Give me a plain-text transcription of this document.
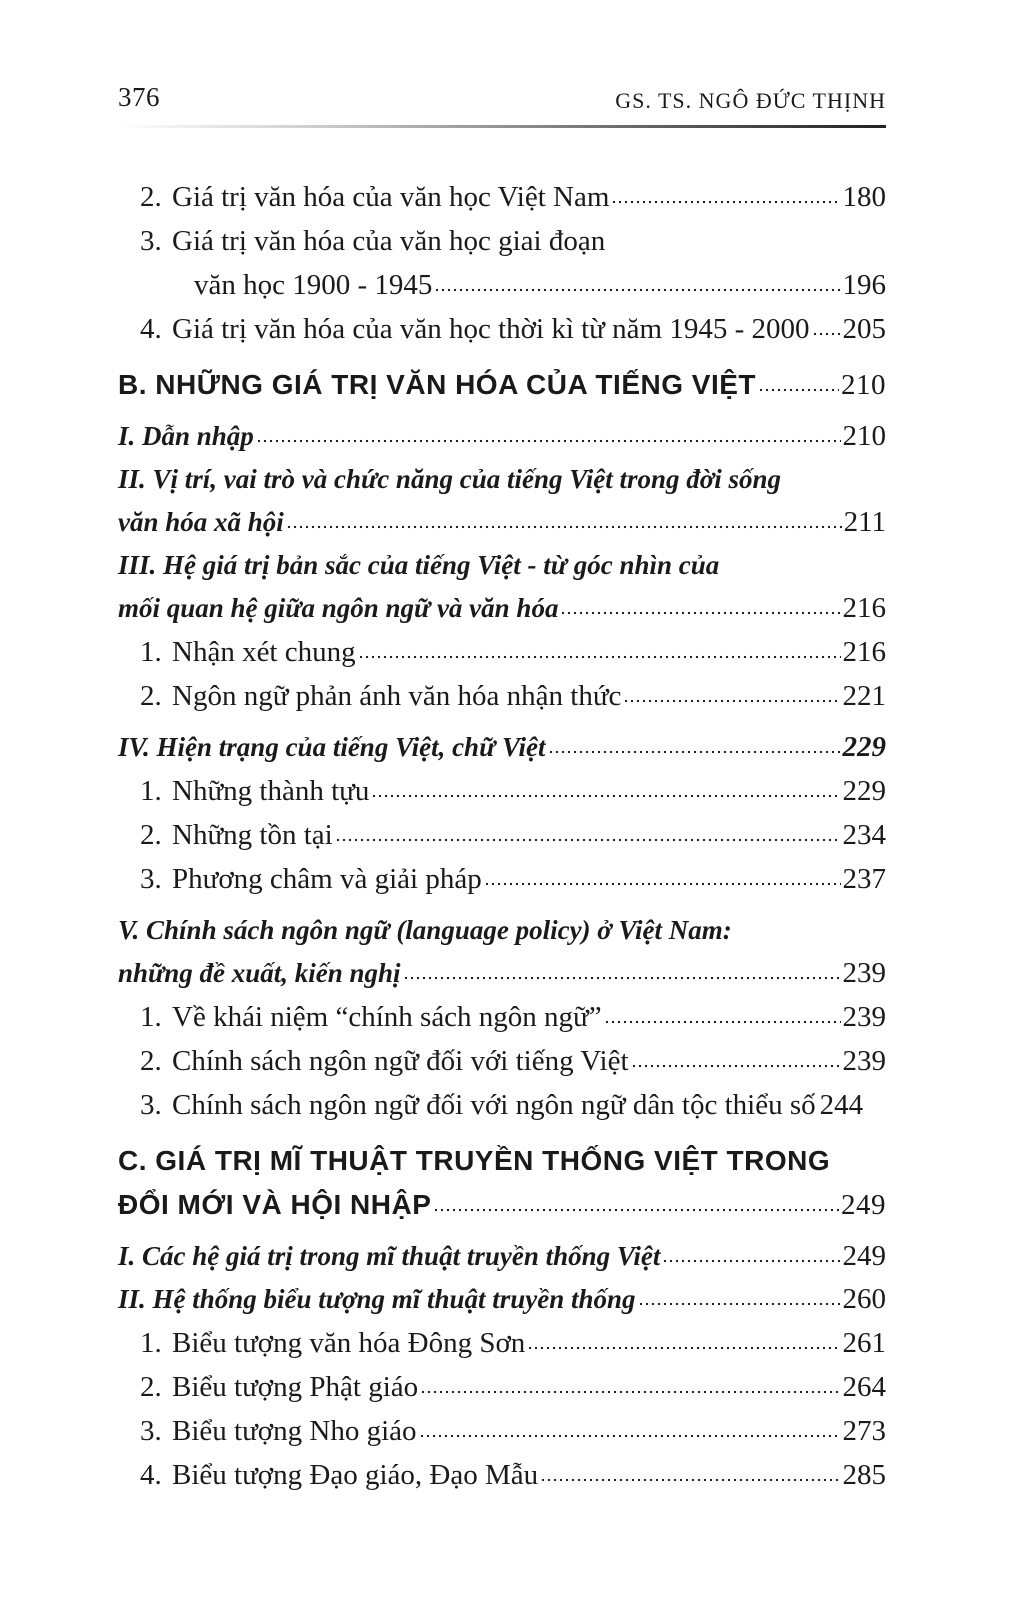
376	GS. TS. NGÔ ĐỨC THỊNH
2. Giá trị văn hóa của văn học Việt Nam	180
3. Giá trị văn hóa của văn học giai đoạn
văn học 1900 - 1945	196
4. Giá trị văn hóa của văn học thời kì từ năm 1945 - 2000 205
B. NHỮNG GIÁ TRỊ VĂN HÓA CỦA TIẾNG VIỆT	210
I. Dẫn nhập	210
II. Vị trí, vai trò và chức năng của tiếng Việt trong đời sống
văn hóa xã hội	211
III. Hệ giá trị bản sắc của tiếng Việt - từ góc nhìn của
mối quan hệ giữa ngôn ngữ và văn hóa	216
1. Nhận xét chung	216
2. Ngôn ngữ phản ánh văn hóa nhận thức	221
IV. Hiện trạng của tiếng Việt, chữ Việt	229
1. Những thành tựu	229
2. Những tồn tại	234
3. Phương châm và giải pháp	237
V. Chính sách ngôn ngữ (language policy) ở Việt Nam:
những đề xuất, kiến nghị	239
1. Về khái niệm “chính sách ngôn ngữ”	239
2. Chính sách ngôn ngữ đối với tiếng Việt	239
3. Chính sách ngôn ngữ đối với ngôn ngữ dân tộc thiểu số 244
C. GIÁ TRỊ MĨ THUẬT TRUYỀN THỐNG VIỆT TRONG
ĐỔI MỚI VÀ HỘI NHẬP	249
I. Các hệ giá trị trong mĩ thuật truyền thống Việt	249
II. Hệ thống biểu tượng mĩ thuật truyền thống	260
1. Biểu tượng văn hóa Đông Sơn	261
2. Biểu tượng Phật giáo	264
3. Biểu tượng Nho giáo	273
4. Biểu tượng Đạo giáo, Đạo Mẫu	285
